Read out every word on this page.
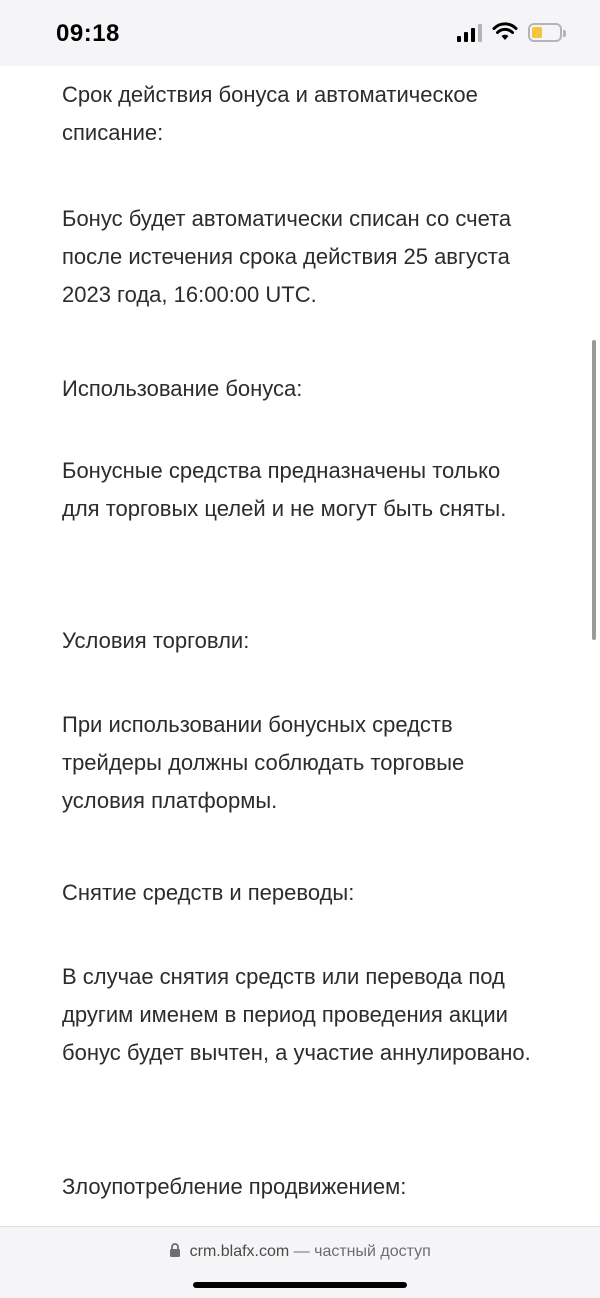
09:18

Срок действия бонуса и автоматическое списание:

Бонус будет автоматически списан со счета после истечения срока действия 25 августа 2023 года, 16:00:00 UTC.

Использование бонуса:

Бонусные средства предназначены только для торговых целей и не могут быть сняты.

Условия торговли:

При использовании бонусных средств трейдеры должны соблюдать торговые условия платформы.

Снятие средств и переводы:

В случае снятия средств или перевода под другим именем в период проведения акции бонус будет вычтен, а участие аннулировано.

Злоупотребление продвижением:

crm.blafx.com — частный доступ
